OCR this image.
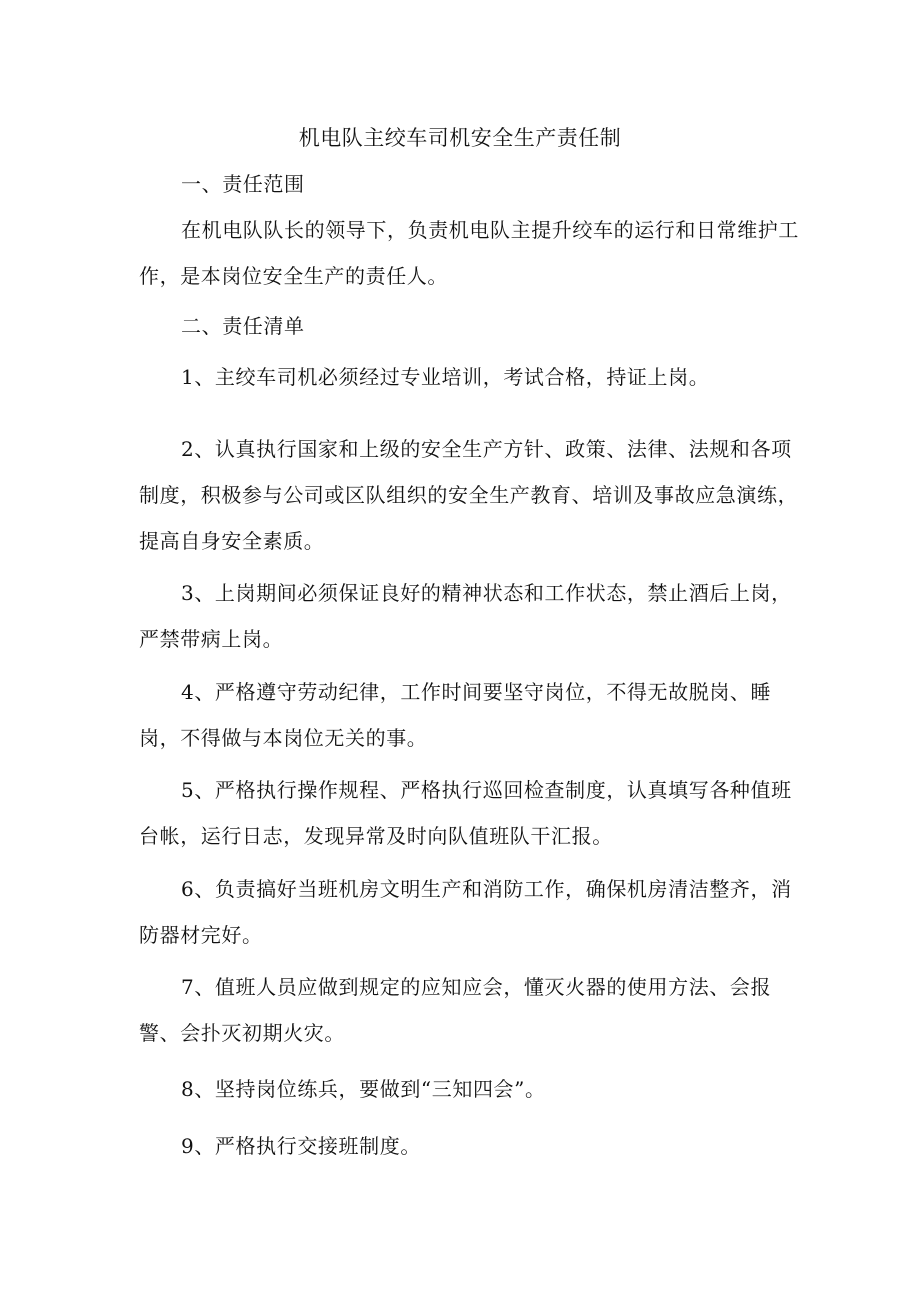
机电队主绞车司机安全生产责任制

一、责任范围

在机电队队长的领导下，负责机电队主提升绞车的运行和日常维护工作，是本岗位安全生产的责任人。

二、责任清单

1、主绞车司机必须经过专业培训，考试合格，持证上岗。

2、认真执行国家和上级的安全生产方针、政策、法律、法规和各项制度，积极参与公司或区队组织的安全生产教育、培训及事故应急演练，提高自身安全素质。

3、上岗期间必须保证良好的精神状态和工作状态，禁止酒后上岗，严禁带病上岗。

4、严格遵守劳动纪律，工作时间要坚守岗位，不得无故脱岗、睡岗，不得做与本岗位无关的事。

5、严格执行操作规程、严格执行巡回检查制度，认真填写各种值班台帐，运行日志，发现异常及时向队值班队干汇报。

6、负责搞好当班机房文明生产和消防工作，确保机房清洁整齐，消防器材完好。

7、值班人员应做到规定的应知应会，懂灭火器的使用方法、会报警、会扑灭初期火灾。

8、坚持岗位练兵，要做到“三知四会”。

9、严格执行交接班制度。
